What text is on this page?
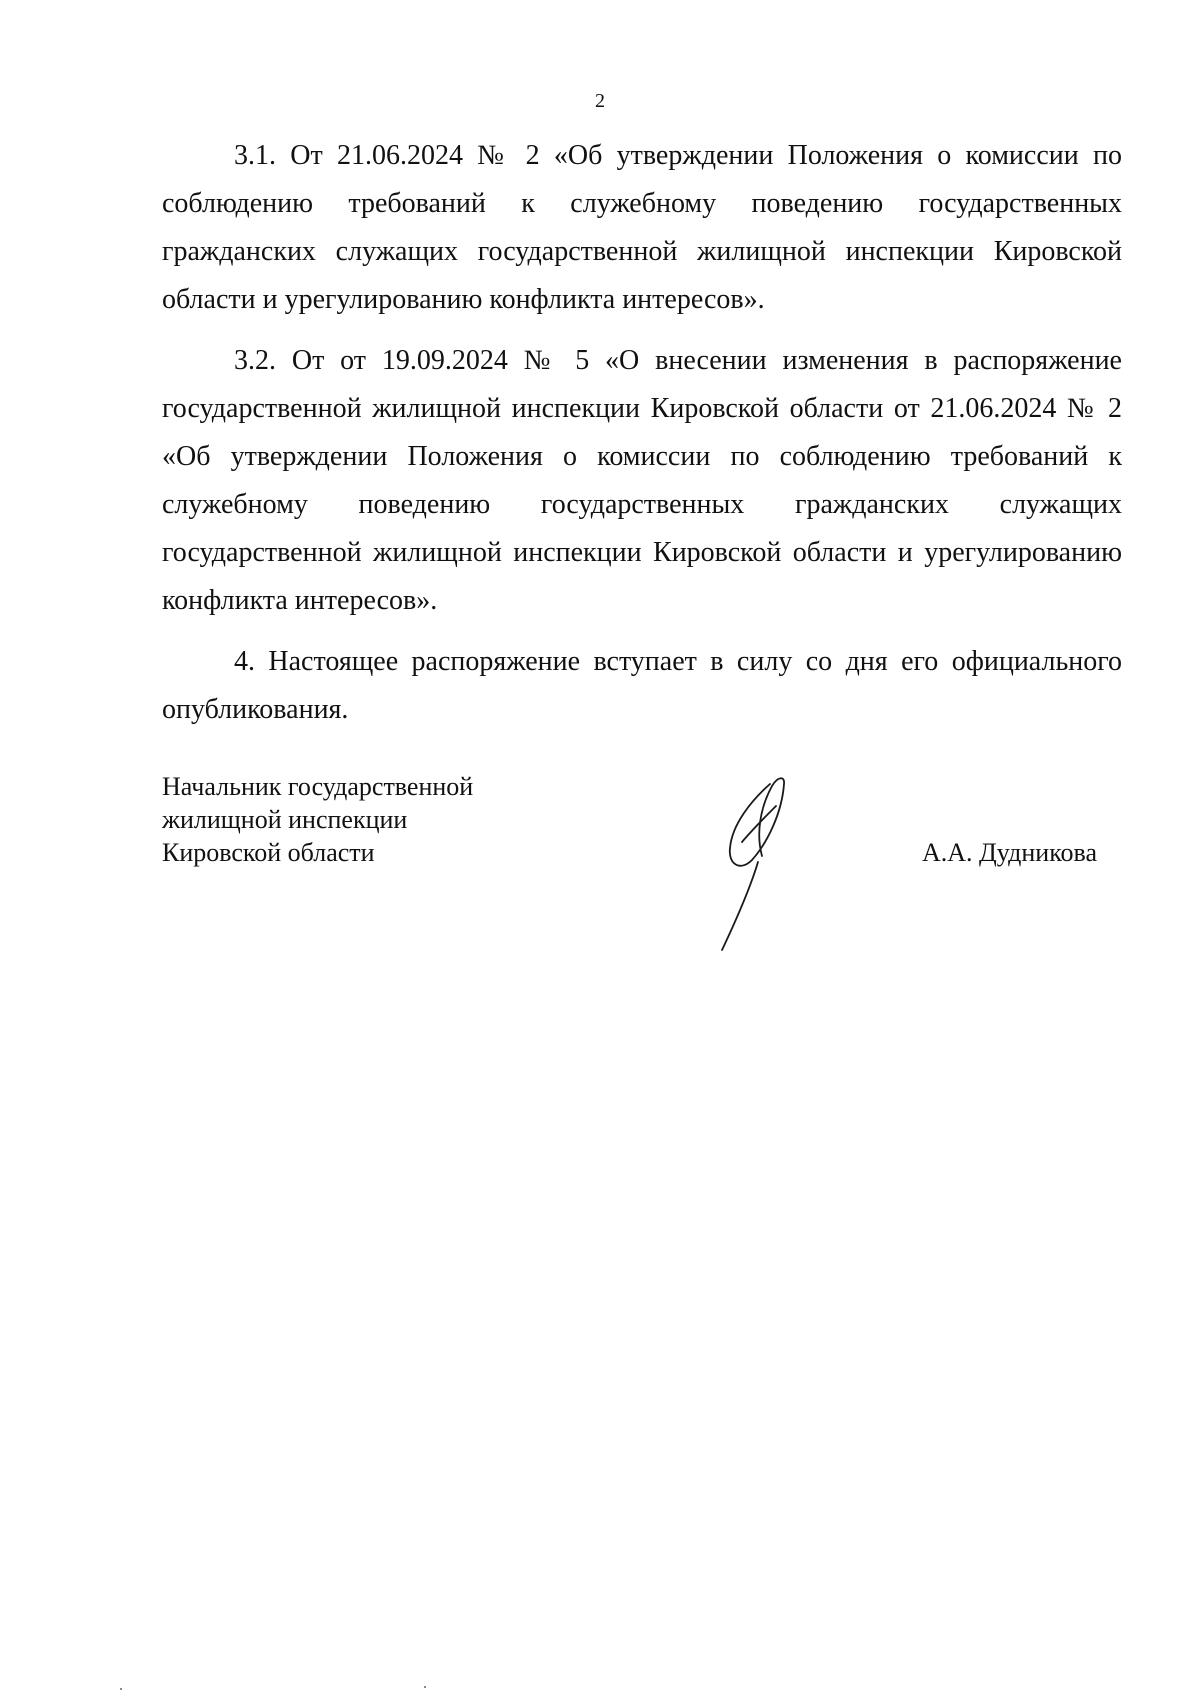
2

3.1. От 21.06.2024 № 2 «Об утверждении Положения о комиссии по соблюдению требований к служебному поведению государственных гражданских служащих государственной жилищной инспекции Кировской области и урегулированию конфликта интересов».

3.2. От от 19.09.2024 № 5 «О внесении изменения в распоряжение государственной жилищной инспекции Кировской области от 21.06.2024 № 2 «Об утверждении Положения о комиссии по соблюдению требований к служебному поведению государственных гражданских служащих государственной жилищной инспекции Кировской области и урегулированию конфликта интересов».

4. Настоящее распоряжение вступает в силу со дня его официального опубликования.

Начальник государственной
жилищной инспекции
Кировской области	А.А. Дудникова
